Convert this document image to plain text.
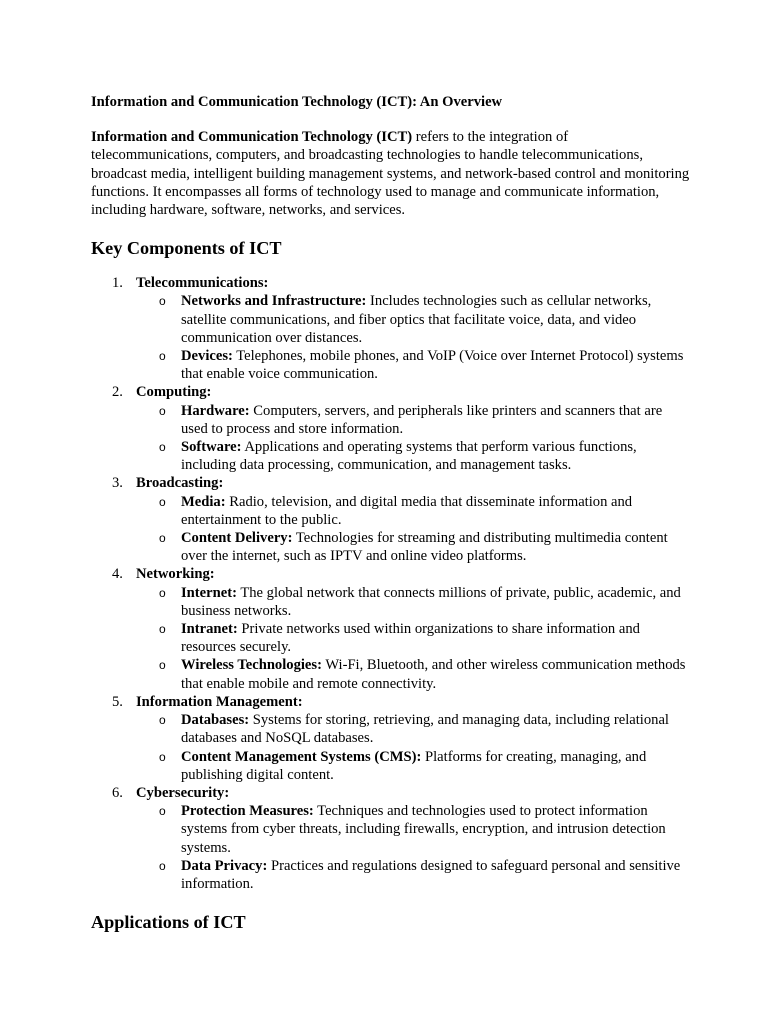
Information and Communication Technology (ICT): An Overview

Information and Communication Technology (ICT) refers to the integration of telecommunications, computers, and broadcasting technologies to handle telecommunications, broadcast media, intelligent building management systems, and network-based control and monitoring functions. It encompasses all forms of technology used to manage and communicate information, including hardware, software, networks, and services.

Key Components of ICT
1. Telecommunications:
o Networks and Infrastructure: Includes technologies such as cellular networks, satellite communications, and fiber optics that facilitate voice, data, and video communication over distances.
o Devices: Telephones, mobile phones, and VoIP (Voice over Internet Protocol) systems that enable voice communication.
2. Computing:
o Hardware: Computers, servers, and peripherals like printers and scanners that are used to process and store information.
o Software: Applications and operating systems that perform various functions, including data processing, communication, and management tasks.
3. Broadcasting:
o Media: Radio, television, and digital media that disseminate information and entertainment to the public.
o Content Delivery: Technologies for streaming and distributing multimedia content over the internet, such as IPTV and online video platforms.
4. Networking:
o Internet: The global network that connects millions of private, public, academic, and business networks.
o Intranet: Private networks used within organizations to share information and resources securely.
o Wireless Technologies: Wi-Fi, Bluetooth, and other wireless communication methods that enable mobile and remote connectivity.
5. Information Management:
o Databases: Systems for storing, retrieving, and managing data, including relational databases and NoSQL databases.
o Content Management Systems (CMS): Platforms for creating, managing, and publishing digital content.
6. Cybersecurity:
o Protection Measures: Techniques and technologies used to protect information systems from cyber threats, including firewalls, encryption, and intrusion detection systems.
o Data Privacy: Practices and regulations designed to safeguard personal and sensitive information.
Applications of ICT
